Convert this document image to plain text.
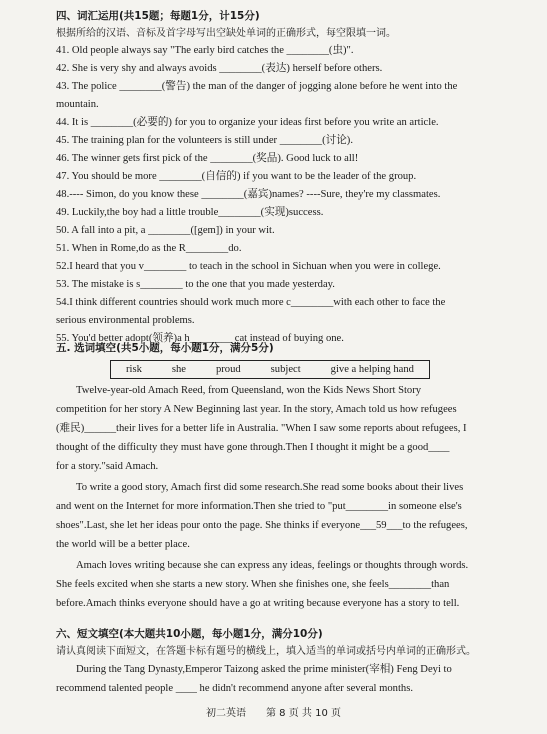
四、词汇运用(共15题；每题1分，计15分)
根据所给的汉语、音标及首字母写出空缺处单词的正确形式，每空限填一词。
41. Old people always say "The early bird catches the ________(虫)".
42. She is very shy and always avoids ________(表达) herself before others.
43. The police ________(警告) the man of the danger of jogging alone before he went into the
mountain.
44. It is ________(必要的) for you to organize your ideas first before you write an article.
45. The training plan for the volunteers is still under ________(讨论).
46. The winner gets first pick of the ________(奖品). Good luck to all!
47. You should be more ________(自信的) if you want to be the leader of the group.
48.---- Simon, do you know these ________(嘉宾)names? ----Sure, they're my classmates.
49. Luckily,the boy had a little trouble________(实现)success.
50. A fall into a pit, a ________([gem]) in your wit.
51. When in Rome,do as the R________do.
52.I heard that you v________ to teach in the school in Sichuan when you were in college.
53. The mistake is s________ to the one that you made yesterday.
54.I think different countries should work much more c________with each other to face the
serious environmental problems.
55. You'd better adopt(领养)a h________ cat instead of buying one.
五. 选词填空(共5小题，每小题1分，满分5分)
risk	she	proud	subject	give a helping hand
Twelve-year-old Amach Reed, from Queensland, won the Kids News Short Story
competition for her story A New Beginning last year. In the story, Amach told us how refugees
(难民)______their lives for a better life in Australia. "When I saw some reports about refugees, I
thought of the difficulty they must have gone through.Then I thought it might be a good____
for a story."said Amach.
To write a good story, Amach first did some research.She read some books about their lives
and went on the Internet for more information.Then she tried to "put________in someone else's
shoes".Last, she let her ideas pour onto the page. She thinks if everyone___59___to the refugees,
the world will be a better place.
Amach loves writing because she can express any ideas, feelings or thoughts through words.
She feels excited when she starts a new story. When she finishes one, she feels________than
before.Amach thinks everyone should have a go at writing because everyone has a story to tell.
六、短文填空(本大题共10小题，每小题1分，满分10分)
请认真阅读下面短文，在答题卡标有题号的横线上，填入适当的单词或括号内单词的正确形式。
During the Tang Dynasty,Emperor Taizong asked the prime minister(宰相) Feng Deyi to
recommend talented people ____ he didn't recommend anyone after several months.
初二英语　　第 8 页 共 10 页
